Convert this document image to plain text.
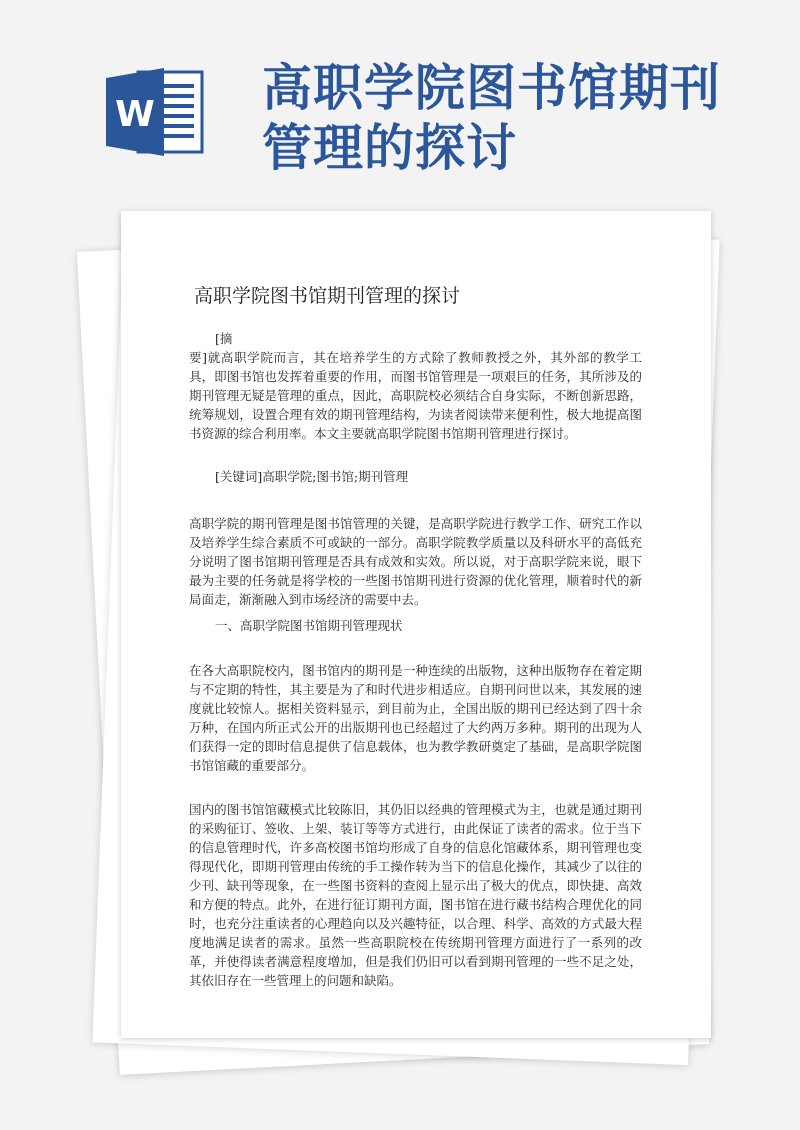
W 高职学院图书馆期刊管理的探讨
高职学院图书馆期刊管理的探讨
[摘
要]就高职学院而言，其在培养学生的方式除了教师教授之外，其外部的教学工具，即图书馆也发挥着重要的作用，而图书馆管理是一项艰巨的任务，其所涉及的期刊管理无疑是管理的重点，因此，高职院校必须结合自身实际，不断创新思路，统筹规划，设置合理有效的期刊管理结构，为读者阅读带来便利性，极大地提高图书资源的综合利用率。本文主要就高职学院图书馆期刊管理进行探讨。
[关键词]高职学院;图书馆;期刊管理
高职学院的期刊管理是图书馆管理的关键，是高职学院进行教学工作、研究工作以及培养学生综合素质不可或缺的一部分。高职学院教学质量以及科研水平的高低充分说明了图书馆期刊管理是否具有成效和实效。所以说，对于高职学院来说，眼下最为主要的任务就是将学校的一些图书馆期刊进行资源的优化管理，顺着时代的新局面走，渐渐融入到市场经济的需要中去。
一、高职学院图书馆期刊管理现状
在各大高职院校内，图书馆内的期刊是一种连续的出版物，这种出版物存在着定期与不定期的特性，其主要是为了和时代进步相适应。自期刊问世以来，其发展的速度就比较惊人。据相关资料显示，到目前为止，全国出版的期刊已经达到了四十余万种，在国内所正式公开的出版期刊也已经超过了大约两万多种。期刊的出现为人们获得一定的即时信息提供了信息载体，也为教学教研奠定了基础，是高职学院图书馆馆藏的重要部分。
国内的图书馆馆藏模式比较陈旧，其仍旧以经典的管理模式为主，也就是通过期刊的采购征订、签收、上架、装订等等方式进行，由此保证了读者的需求。位于当下的信息管理时代，许多高校图书馆均形成了自身的信息化馆藏体系，期刊管理也变得现代化，即期刊管理由传统的手工操作转为当下的信息化操作，其减少了以往的少刊、缺刊等现象，在一些图书资料的查阅上显示出了极大的优点，即快捷、高效和方便的特点。此外，在进行征订期刊方面，图书馆在进行藏书结构合理优化的同时，也充分注重读者的心理趋向以及兴趣特征，以合理、科学、高效的方式最大程度地满足读者的需求。虽然一些高职院校在传统期刊管理方面进行了一系列的改革，并使得读者满意程度增加，但是我们仍旧可以看到期刊管理的一些不足之处，其依旧存在一些管理上的问题和缺陷。
